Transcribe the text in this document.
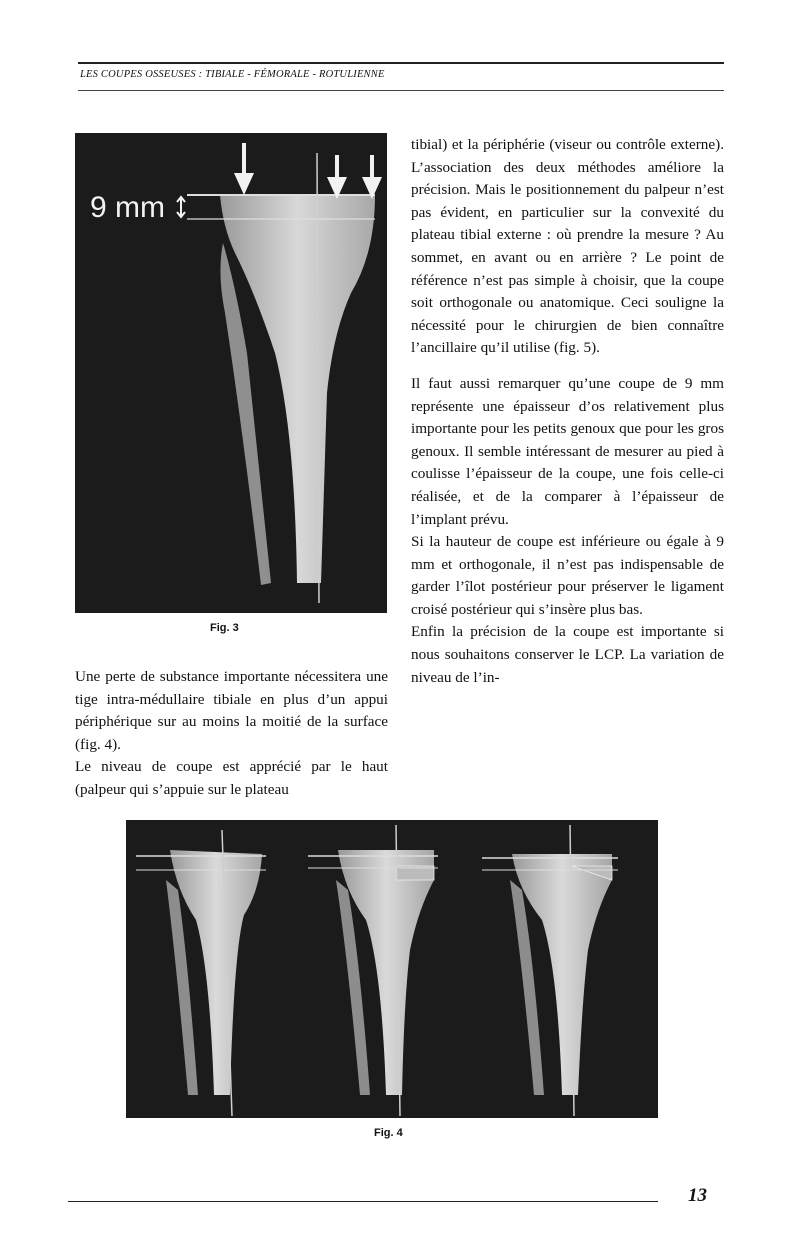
LES COUPES OSSEUSES : TIBIALE - FÉMORALE - ROTULIENNE
9 mm
Fig. 3

Une perte de substance importante nécessitera une tige intra-médullaire tibiale en plus d’un appui périphérique sur au moins la moitié de la surface (fig. 4).

Le niveau de coupe est apprécié par le haut (palpeur qui s’appuie sur le plateau

tibial) et la périphérie (viseur ou contrôle externe). L’association des deux méthodes améliore la précision. Mais le positionnement du palpeur n’est pas évident, en particulier sur la convexité du plateau tibial externe : où prendre la mesure ? Au sommet, en avant ou en arrière ? Le point de référence n’est pas simple à choisir, que la coupe soit orthogonale ou anatomique. Ceci souligne la nécessité pour le chirurgien de bien connaître l’ancillaire qu’il utilise (fig. 5).

Il faut aussi remarquer qu’une coupe de 9 mm représente une épaisseur d’os relativement plus importante pour les petits genoux que pour les gros genoux. Il semble intéressant de mesurer au pied à coulisse l’épaisseur de la coupe, une fois celle-ci réalisée, et de la comparer à l’épaisseur de l’implant prévu.

Si la hauteur de coupe est inférieure ou égale à 9 mm et orthogonale, il n’est pas indispensable de garder l’îlot postérieur pour préserver le ligament croisé postérieur qui s’insère plus bas.

Enfin la précision de la coupe est importante si nous souhaitons conserver le LCP. La variation de niveau de l’in-

Fig. 4
13
